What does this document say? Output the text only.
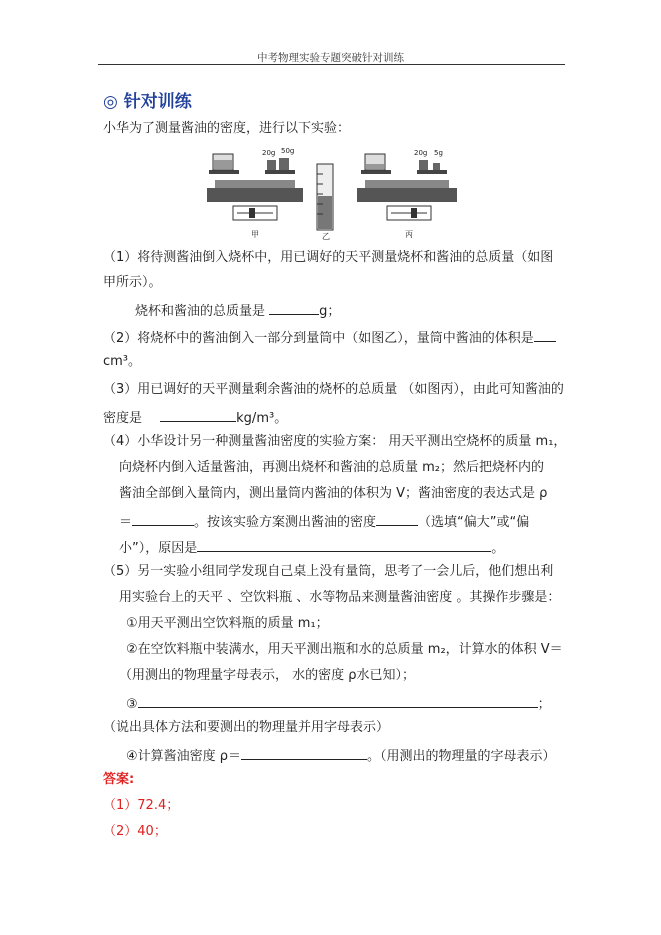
中考物理实验专题突破针对训练
◎ 针对训练
小华为了测量酱油的密度，进行以下实验：
20g 50g
甲	乙
20g 5g
丙
（1）将待测酱油倒入烧杯中，用已调好的天平测量烧杯和酱油的总质量（如图
甲所示）。
烧杯和酱油的总质量是	g；
（2）将烧杯中的酱油倒入一部分到量筒中（如图乙），量筒中酱油的体积是
cm³。
（3）用已调好的天平测量剩余酱油的烧杯的总质量 （如图丙），由此可知酱油的
密度是	kg/m³。
（4）小华设计另一种测量酱油密度的实验方案： 用天平测出空烧杯的质量 m₁，
向烧杯内倒入适量酱油，再测出烧杯和酱油的总质量 m₂；然后把烧杯内的
酱油全部倒入量筒内，测出量筒内酱油的体积为 V；酱油密度的表达式是 ρ
＝	。按该实验方案测出酱油的密度	（选填“偏大”或“偏
小”），原因是	。
（5）另一实验小组同学发现自己桌上没有量筒，思考了一会儿后，他们想出利
用实验台上的天平 、空饮料瓶 、水等物品来测量酱油密度 。其操作步骤是：
①用天平测出空饮料瓶的质量 m₁；
②在空饮料瓶中装满水，用天平测出瓶和水的总质量 m₂，计算水的体积 V＝
（用测出的物理量字母表示， 水的密度 ρ水已知）；
③	；
（说出具体方法和要测出的物理量并用字母表示）
④计算酱油密度 ρ＝	。（用测出的物理量的字母表示）
答案:
（1）72.4；
（2）40；
